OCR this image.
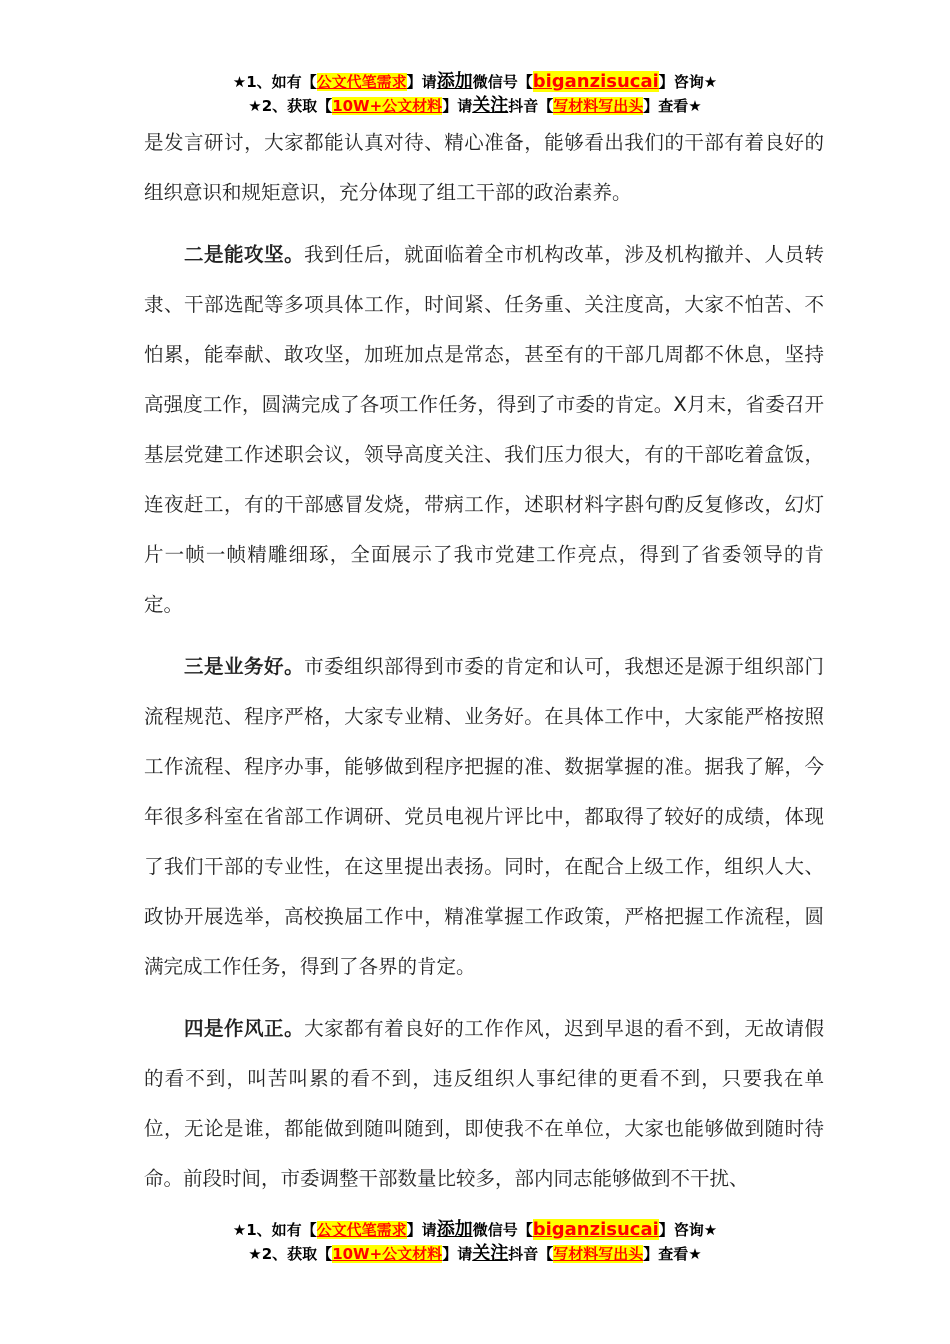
★1、如有【公文代笔需求】请添加微信号【biganzisucai】咨询★
★2、获取【10W+公文材料】请关注抖音【写材料写出头】查看★

是发言研讨，大家都能认真对待、精心准备，能够看出我们的干部有着良好的组织意识和规矩意识，充分体现了组工干部的政治素养。

二是能攻坚。我到任后，就面临着全市机构改革，涉及机构撤并、人员转隶、干部选配等多项具体工作，时间紧、任务重、关注度高，大家不怕苦、不怕累，能奉献、敢攻坚，加班加点是常态，甚至有的干部几周都不休息，坚持高强度工作，圆满完成了各项工作任务，得到了市委的肯定。X月末，省委召开基层党建工作述职会议，领导高度关注、我们压力很大，有的干部吃着盒饭，连夜赶工，有的干部感冒发烧，带病工作，述职材料字斟句酌反复修改，幻灯片一帧一帧精雕细琢，全面展示了我市党建工作亮点，得到了省委领导的肯定。

三是业务好。市委组织部得到市委的肯定和认可，我想还是源于组织部门流程规范、程序严格，大家专业精、业务好。在具体工作中，大家能严格按照工作流程、程序办事，能够做到程序把握的准、数据掌握的准。据我了解，今年很多科室在省部工作调研、党员电视片评比中，都取得了较好的成绩，体现了我们干部的专业性，在这里提出表扬。同时，在配合上级工作，组织人大、政协开展选举，高校换届工作中，精准掌握工作政策，严格把握工作流程，圆满完成工作任务，得到了各界的肯定。

四是作风正。大家都有着良好的工作作风，迟到早退的看不到，无故请假的看不到，叫苦叫累的看不到，违反组织人事纪律的更看不到，只要我在单位，无论是谁，都能做到随叫随到，即使我不在单位，大家也能够做到随时待命。前段时间，市委调整干部数量比较多，部内同志能够做到不干扰、

★1、如有【公文代笔需求】请添加微信号【biganzisucai】咨询★
★2、获取【10W+公文材料】请关注抖音【写材料写出头】查看★
